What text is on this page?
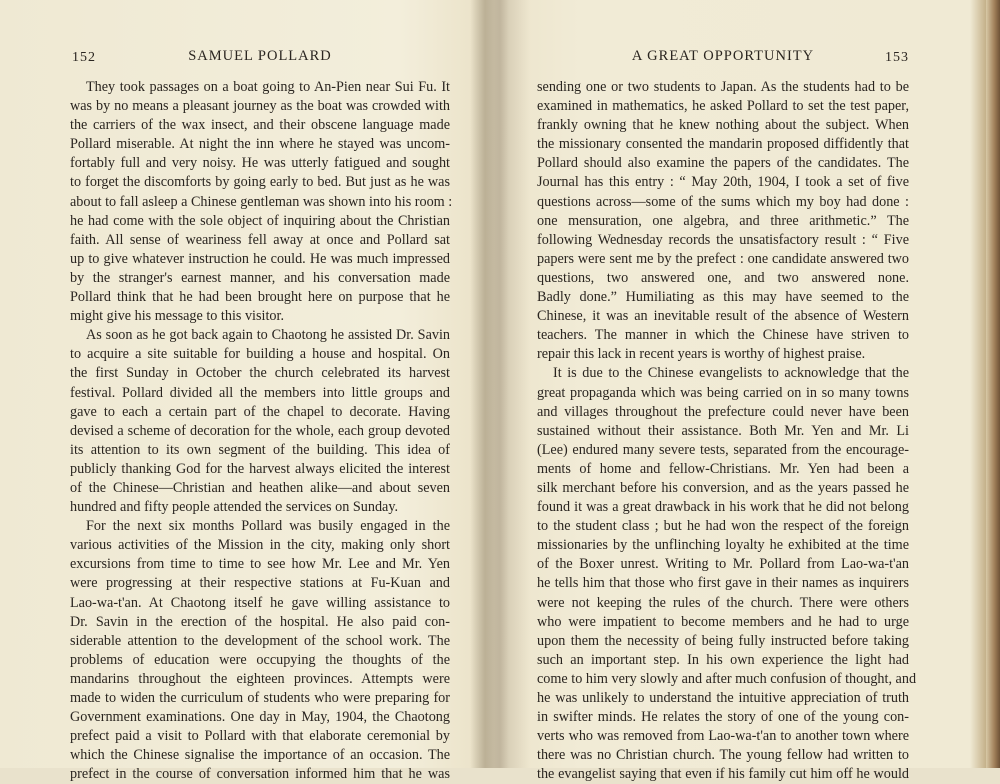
152	SAMUEL POLLARD
They took passages on a boat going to An-Pien near Sui Fu. It
was by no means a pleasant journey as the boat was crowded with
the carriers of the wax insect, and their obscene language made
Pollard miserable. At night the inn where he stayed was uncom-
fortably full and very noisy. He was utterly fatigued and sought
to forget the discomforts by going early to bed. But just as he was
about to fall asleep a Chinese gentleman was shown into his room :
he had come with the sole object of inquiring about the Christian
faith. All sense of weariness fell away at once and Pollard sat
up to give whatever instruction he could. He was much impressed
by the stranger's earnest manner, and his conversation made
Pollard think that he had been brought here on purpose that he
might give his message to this visitor.
As soon as he got back again to Chaotong he assisted Dr. Savin
to acquire a site suitable for building a house and hospital. On
the first Sunday in October the church celebrated its harvest
festival. Pollard divided all the members into little groups and
gave to each a certain part of the chapel to decorate. Having
devised a scheme of decoration for the whole, each group devoted
its attention to its own segment of the building. This idea of
publicly thanking God for the harvest always elicited the interest
of the Chinese—Christian and heathen alike—and about seven
hundred and fifty people attended the services on Sunday.
For the next six months Pollard was busily engaged in the
various activities of the Mission in the city, making only short
excursions from time to time to see how Mr. Lee and Mr. Yen
were progressing at their respective stations at Fu-Kuan and
Lao-wa-t'an. At Chaotong itself he gave willing assistance to
Dr. Savin in the erection of the hospital. He also paid con-
siderable attention to the development of the school work. The
problems of education were occupying the thoughts of the
mandarins throughout the eighteen provinces. Attempts were
made to widen the curriculum of students who were preparing for
Government examinations. One day in May, 1904, the Chaotong
prefect paid a visit to Pollard with that elaborate ceremonial by
which the Chinese signalise the importance of an occasion. The
prefect in the course of conversation informed him that he was
A GREAT OPPORTUNITY	153
sending one or two students to Japan. As the students had to be
examined in mathematics, he asked Pollard to set the test paper,
frankly owning that he knew nothing about the subject. When
the missionary consented the mandarin proposed diffidently that
Pollard should also examine the papers of the candidates. The
Journal has this entry : “ May 20th, 1904, I took a set of five
questions across—some of the sums which my boy had done :
one mensuration, one algebra, and three arithmetic.” The
following Wednesday records the unsatisfactory result : “ Five
papers were sent me by the prefect : one candidate answered two
questions, two answered one, and two answered none.
Badly done.” Humiliating as this may have seemed to the
Chinese, it was an inevitable result of the absence of Western
teachers. The manner in which the Chinese have striven to
repair this lack in recent years is worthy of highest praise.
It is due to the Chinese evangelists to acknowledge that the
great propaganda which was being carried on in so many towns
and villages throughout the prefecture could never have been
sustained without their assistance. Both Mr. Yen and Mr. Li
(Lee) endured many severe tests, separated from the encourage-
ments of home and fellow-Christians. Mr. Yen had been a
silk merchant before his conversion, and as the years passed he
found it was a great drawback in his work that he did not belong
to the student class ; but he had won the respect of the foreign
missionaries by the unflinching loyalty he exhibited at the time
of the Boxer unrest. Writing to Mr. Pollard from Lao-wa-t'an
he tells him that those who first gave in their names as inquirers
were not keeping the rules of the church. There were others
who were impatient to become members and he had to urge
upon them the necessity of being fully instructed before taking
such an important step. In his own experience the light had
come to him very slowly and after much confusion of thought, and
he was unlikely to understand the intuitive appreciation of truth
in swifter minds. He relates the story of one of the young con-
verts who was removed from Lao-wa-t'an to another town where
there was no Christian church. The young fellow had written to
the evangelist saying that even if his family cut him off he would
